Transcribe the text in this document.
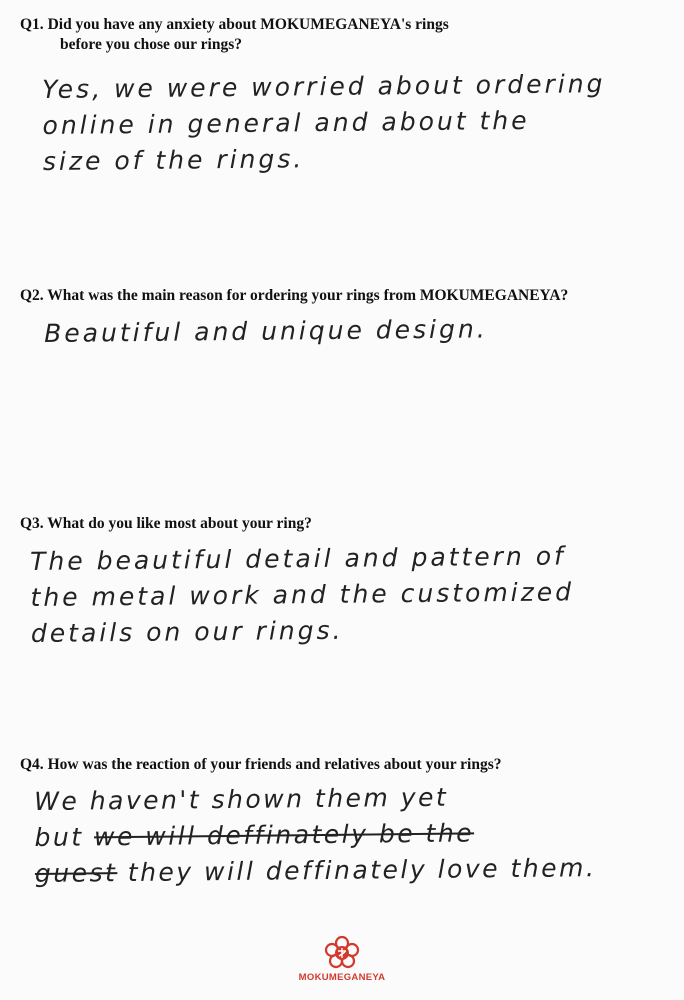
Q1. Did you have any anxiety about MOKUMEGANEYA's rings
before you chose our rings?
Yes, we were worried about ordering
online in general and about the
size of the rings.
Q2. What was the main reason for ordering your rings from MOKUMEGANEYA?
Beautiful and unique design.
Q3. What do you like most about your ring?
The beautiful detail and pattern of
the metal work and the customized
details on our rings.
Q4. How was the reaction of your friends and relatives about your rings?
We haven't shown them yet
but we will deffinately be the
guest they will deffinately love them.
MOKUMEGANEYA
